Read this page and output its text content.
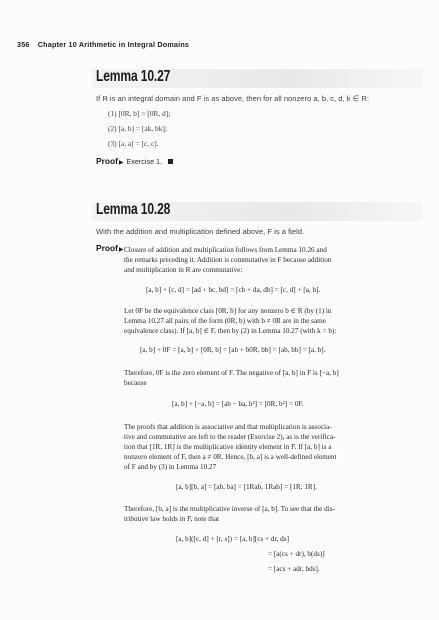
356 Chapter 10 Arithmetic in Integral Domains
Lemma 10.27
If R is an integral domain and F is as above, then for all nonzero a, b, c, d, k ∈ R:
(1) [0R, b] = [0R, d];
(2) [a, b] = [ak, bk];
(3) [a, a] = [c, c].
Proof▶ Exercise 1.
Lemma 10.28
With the addition and multiplication defined above, F is a field.
Proof▶ Closure of addition and multiplication follows from Lemma 10.26 and
the remarks preceding it. Addition is commutative in F because addition
and multiplication in R are commutative:
[a, b] + [c, d] = [ad + bc, bd] = [cb + da, db] = [c, d] + [a, b].
Let 0F be the equivalence class [0R, b] for any nonzero b ∈ R (by (1) in
Lemma 10.27 all pairs of the form (0R, b) with b ≠ 0R are in the same
equivalence class). If [a, b] ∈ F, then by (2) in Lemma 10.27 (with k = b):
[a, b] + 0F = [a, b] + [0R, b] = [ab + b0R, bb] = [ab, bb] = [a, b].
Therefore, 0F is the zero element of F. The negative of [a, b] in F is [−a, b]
because
[a, b] + [−a, b] = [ab − ba, b²] = [0R, b²] = 0F.
The proofs that addition is associative and that multiplication is associa-
tive and commutative are left to the reader (Exercise 2), as is the verifica-
tion that [1R, 1R] is the multiplicative identity element in F. If [a, b] is a
nonzero element of F, then a ≠ 0R. Hence, [b, a] is a well-defined element
of F and by (3) in Lemma 10.27
[a, b][b, a] = [ab, ba] = [1Rab, 1Rab] = [1R, 1R].
Therefore, [b, a] is the multiplicative inverse of [a, b]. To see that the dis-
tributive law holds in F, note that
[a, b]([c, d] + [r, s]) = [a, b][cs + dr, ds]
= [a(cs + dr), b(ds)]
= [acs + adr, bds].
